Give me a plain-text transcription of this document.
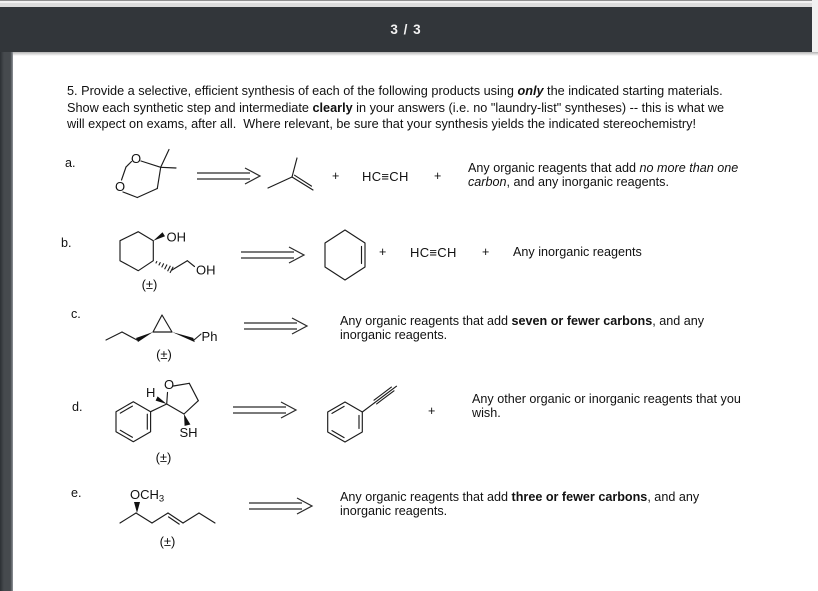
3 / 3
5. Provide a selective, efficient synthesis of each of the following products using only the indicated starting materials.
Show each synthetic step and intermediate clearly in your answers (i.e. no "laundry-list" syntheses) -- this is what we
will expect on exams, after all.  Where relevant, be sure that your synthesis yields the indicated stereochemistry!
a.	O
O
+ HC≡CH +
Any organic reagents that add no more than one
carbon, and any inorganic reagents.
b.	OH
OH
(±)
+ HC≡CH + Any inorganic reagents
c.
Ph
(±)
Any organic reagents that add seven or fewer carbons, and any
inorganic reagents.
d.
O
H
SH
(±)
+
Any other organic or inorganic reagents that you
wish.
e.	OCH3
(±)
Any organic reagents that add three or fewer carbons, and any
inorganic reagents.
